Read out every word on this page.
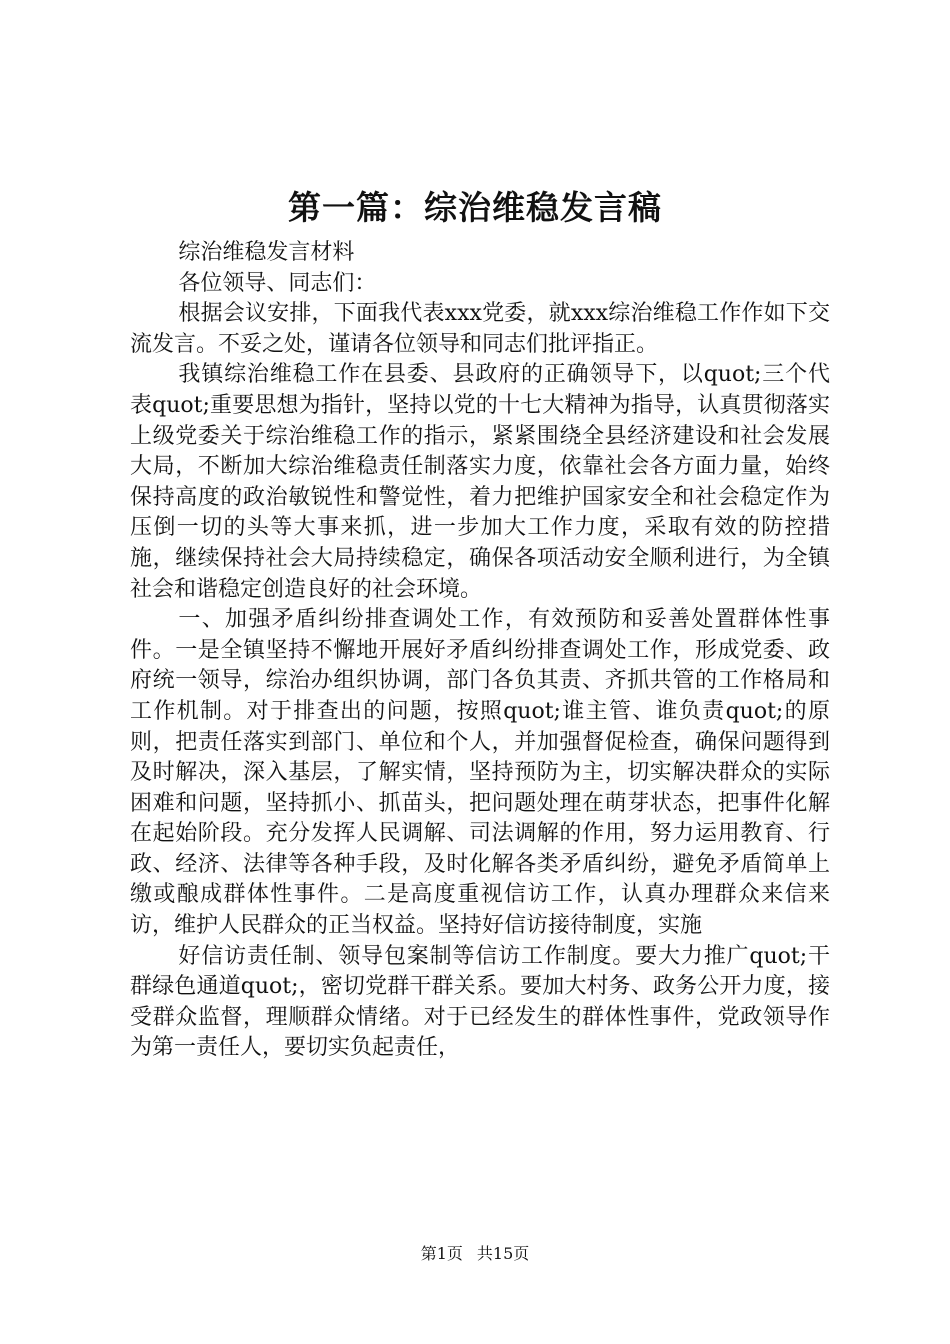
第一篇：综治维稳发言稿

综治维稳发言材料

各位领导、同志们：

根据会议安排，下面我代表xxx党委，就xxx综治维稳工作作如下交流发言。不妥之处，谨请各位领导和同志们批评指正。

我镇综治维稳工作在县委、县政府的正确领导下，以quot;三个代表quot;重要思想为指针，坚持以党的十七大精神为指导，认真贯彻落实上级党委关于综治维稳工作的指示，紧紧围绕全县经济建设和社会发展大局，不断加大综治维稳责任制落实力度，依靠社会各方面力量，始终保持高度的政治敏锐性和警觉性，着力把维护国家安全和社会稳定作为压倒一切的头等大事来抓，进一步加大工作力度，采取有效的防控措施，继续保持社会大局持续稳定，确保各项活动安全顺利进行，为全镇社会和谐稳定创造良好的社会环境。

一、加强矛盾纠纷排查调处工作，有效预防和妥善处置群体性事件。一是全镇坚持不懈地开展好矛盾纠纷排查调处工作，形成党委、政府统一领导，综治办组织协调，部门各负其责、齐抓共管的工作格局和工作机制。对于排查出的问题，按照quot;谁主管、谁负责quot;的原则，把责任落实到部门、单位和个人，并加强督促检查，确保问题得到及时解决，深入基层，了解实情，坚持预防为主，切实解决群众的实际困难和问题，坚持抓小、抓苗头，把问题处理在萌芽状态，把事件化解在起始阶段。充分发挥人民调解、司法调解的作用，努力运用教育、行政、经济、法律等各种手段，及时化解各类矛盾纠纷，避免矛盾简单上缴或酿成群体性事件。二是高度重视信访工作，认真办理群众来信来访，维护人民群众的正当权益。坚持好信访接待制度，实施

好信访责任制、领导包案制等信访工作制度。要大力推广quot;干群绿色通道quot;，密切党群干群关系。要加大村务、政务公开力度，接受群众监督，理顺群众情绪。对于已经发生的群体性事件，党政领导作为第一责任人，要切实负起责任，

第1页 共15页
